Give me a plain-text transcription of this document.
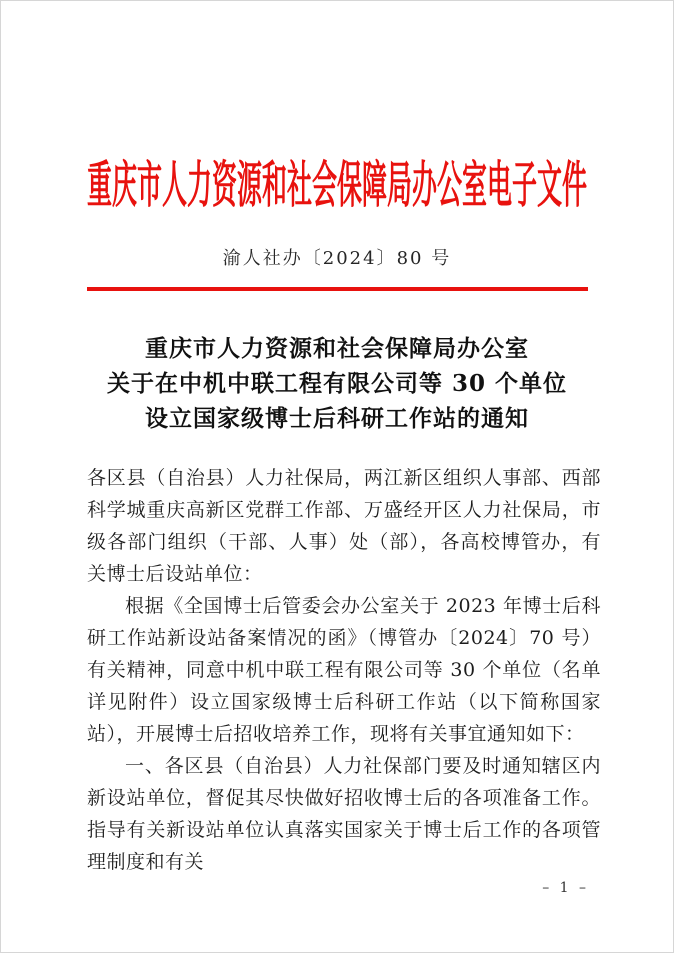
重庆市人力资源和社会保障局办公室电子文件
渝人社办〔2024〕80 号
重庆市人力资源和社会保障局办公室
关于在中机中联工程有限公司等 30 个单位
设立国家级博士后科研工作站的通知

各区县（自治县）人力社保局，两江新区组织人事部、西部科学城重庆高新区党群工作部、万盛经开区人力社保局，市级各部门组织（干部、人事）处（部），各高校博管办，有关博士后设站单位：

根据《全国博士后管委会办公室关于 2023 年博士后科研工作站新设站备案情况的函》（博管办〔2024〕70 号）有关精神，同意中机中联工程有限公司等 30 个单位（名单详见附件）设立国家级博士后科研工作站（以下简称国家站），开展博士后招收培养工作，现将有关事宜通知如下：

一、各区县（自治县）人力社保部门要及时通知辖区内新设站单位，督促其尽快做好招收博士后的各项准备工作。指导有关新设站单位认真落实国家关于博士后工作的各项管理制度和有关

– 1 –
